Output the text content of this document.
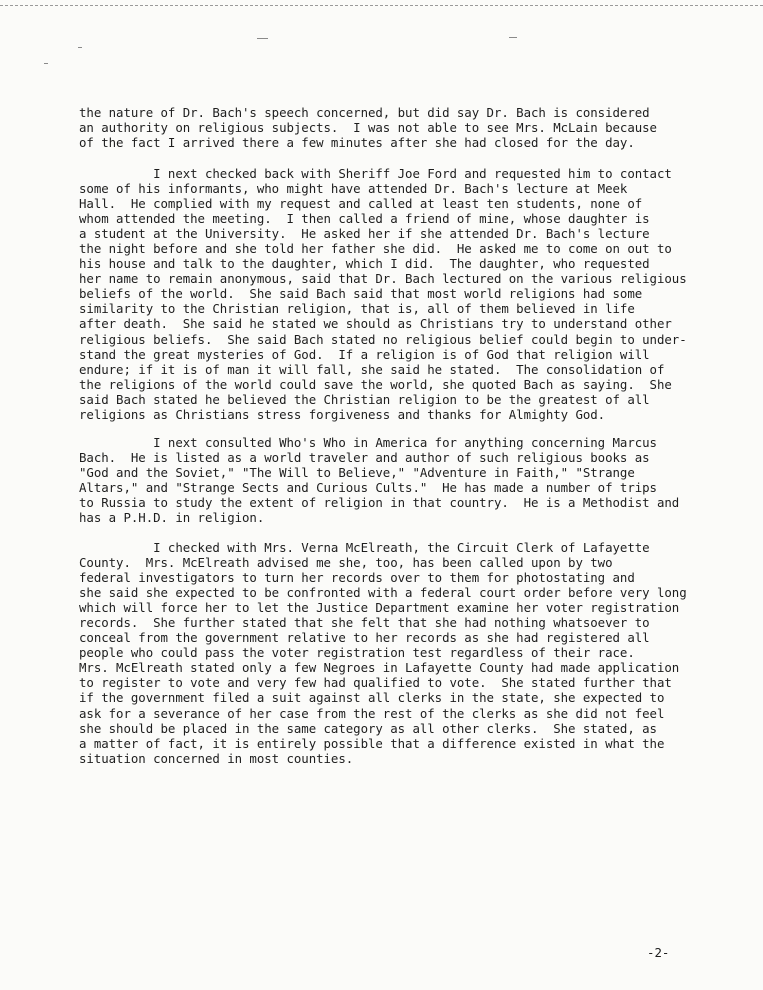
the nature of Dr. Bach's speech concerned, but did say Dr. Bach is considered
an authority on religious subjects.  I was not able to see Mrs. McLain because
of the fact I arrived there a few minutes after she had closed for the day.

I next checked back with Sheriff Joe Ford and requested him to contact
some of his informants, who might have attended Dr. Bach's lecture at Meek
Hall.  He complied with my request and called at least ten students, none of
whom attended the meeting.  I then called a friend of mine, whose daughter is
a student at the University.  He asked her if she attended Dr. Bach's lecture
the night before and she told her father she did.  He asked me to come on out to
his house and talk to the daughter, which I did.  The daughter, who requested
her name to remain anonymous, said that Dr. Bach lectured on the various religious
beliefs of the world.  She said Bach said that most world religions had some
similarity to the Christian religion, that is, all of them believed in life
after death.  She said he stated we should as Christians try to understand other
religious beliefs.  She said Bach stated no religious belief could begin to under-
stand the great mysteries of God.  If a religion is of God that religion will
endure; if it is of man it will fall, she said he stated.  The consolidation of
the religions of the world could save the world, she quoted Bach as saying.  She
said Bach stated he believed the Christian religion to be the greatest of all
religions as Christians stress forgiveness and thanks for Almighty God.

I next consulted Who's Who in America for anything concerning Marcus
Bach.  He is listed as a world traveler and author of such religious books as
"God and the Soviet," "The Will to Believe," "Adventure in Faith," "Strange
Altars," and "Strange Sects and Curious Cults."  He has made a number of trips
to Russia to study the extent of religion in that country.  He is a Methodist and
has a P.H.D. in religion.

I checked with Mrs. Verna McElreath, the Circuit Clerk of Lafayette
County.  Mrs. McElreath advised me she, too, has been called upon by two
federal investigators to turn her records over to them for photostating and
she said she expected to be confronted with a federal court order before very long
which will force her to let the Justice Department examine her voter registration
records.  She further stated that she felt that she had nothing whatsoever to
conceal from the government relative to her records as she had registered all
people who could pass the voter registration test regardless of their race.
Mrs. McElreath stated only a few Negroes in Lafayette County had made application
to register to vote and very few had qualified to vote.  She stated further that
if the government filed a suit against all clerks in the state, she expected to
ask for a severance of her case from the rest of the clerks as she did not feel
she should be placed in the same category as all other clerks.  She stated, as
a matter of fact, it is entirely possible that a difference existed in what the
situation concerned in most counties.

-2-
